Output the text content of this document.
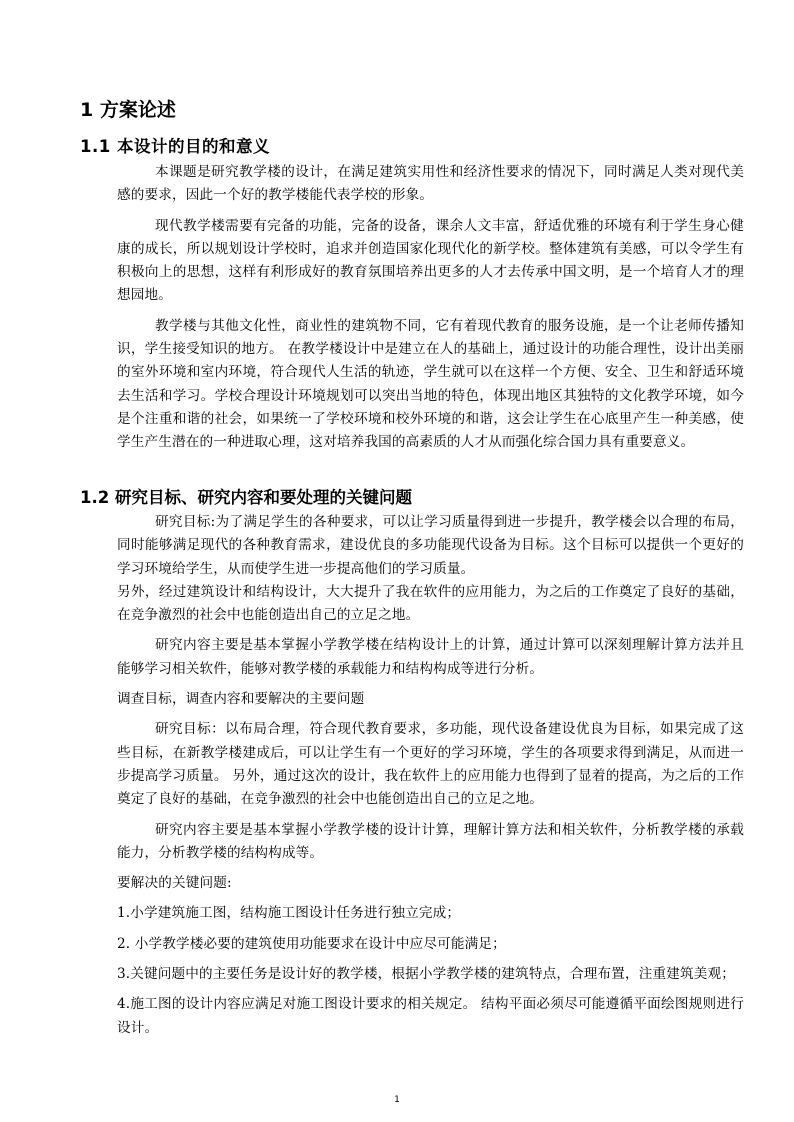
1 方案论述
1.1 本设计的目的和意义

本课题是研究教学楼的设计，在满足建筑实用性和经济性要求的情况下，同时满足人类对现代美感的要求，因此一个好的教学楼能代表学校的形象。

现代教学楼需要有完备的功能，完备的设备，课余人文丰富，舒适优雅的环境有利于学生身心健康的成长，所以规划设计学校时，追求并创造国家化现代化的新学校。整体建筑有美感，可以令学生有积极向上的思想，这样有利形成好的教育氛围培养出更多的人才去传承中国文明，是一个培育人才的理想园地。

教学楼与其他文化性，商业性的建筑物不同，它有着现代教育的服务设施，是一个让老师传播知识，学生接受知识的地方。 在教学楼设计中是建立在人的基础上，通过设计的功能合理性，设计出美丽的室外环境和室内环境，符合现代人生活的轨迹，学生就可以在这样一个方便、安全、卫生和舒适环境去生活和学习。学校合理设计环境规划可以突出当地的特色，体现出地区其独特的文化教学环境，如今是个注重和谐的社会，如果统一了学校环境和校外环境的和谐，这会让学生在心底里产生一种美感，使学生产生潜在的一种进取心理，这对培养我国的高素质的人才从而强化综合国力具有重要意义。

1.2 研究目标、研究内容和要处理的关键问题

研究目标:为了满足学生的各种要求，可以让学习质量得到进一步提升，教学楼会以合理的布局，同时能够满足现代的各种教育需求，建设优良的多功能现代设备为目标。这个目标可以提供一个更好的学习环境给学生，从而使学生进一步提高他们的学习质量。

另外，经过建筑设计和结构设计，大大提升了我在软件的应用能力，为之后的工作奠定了良好的基础，在竞争激烈的社会中也能创造出自己的立足之地。

研究内容主要是基本掌握小学教学楼在结构设计上的计算，通过计算可以深刻理解计算方法并且能够学习相关软件，能够对教学楼的承载能力和结构构成等进行分析。

调查目标，调查内容和要解决的主要问题

研究目标：以布局合理，符合现代教育要求，多功能，现代设备建设优良为目标，如果完成了这些目标，在新教学楼建成后，可以让学生有一个更好的学习环境，学生的各项要求得到满足，从而进一步提高学习质量。 另外，通过这次的设计，我在软件上的应用能力也得到了显着的提高，为之后的工作奠定了良好的基础，在竞争激烈的社会中也能创造出自己的立足之地。

研究内容主要是基本掌握小学教学楼的设计计算，理解计算方法和相关软件，分析教学楼的承载能力，分析教学楼的结构构成等。

要解决的关键问题:

1.小学建筑施工图，结构施工图设计任务进行独立完成；

2. 小学教学楼必要的建筑使用功能要求在设计中应尽可能满足；

3.关键问题中的主要任务是设计好的教学楼，根据小学教学楼的建筑特点，合理布置，注重建筑美观；

4.施工图的设计内容应满足对施工图设计要求的相关规定。 结构平面必须尽可能遵循平面绘图规则进行设计。

1
